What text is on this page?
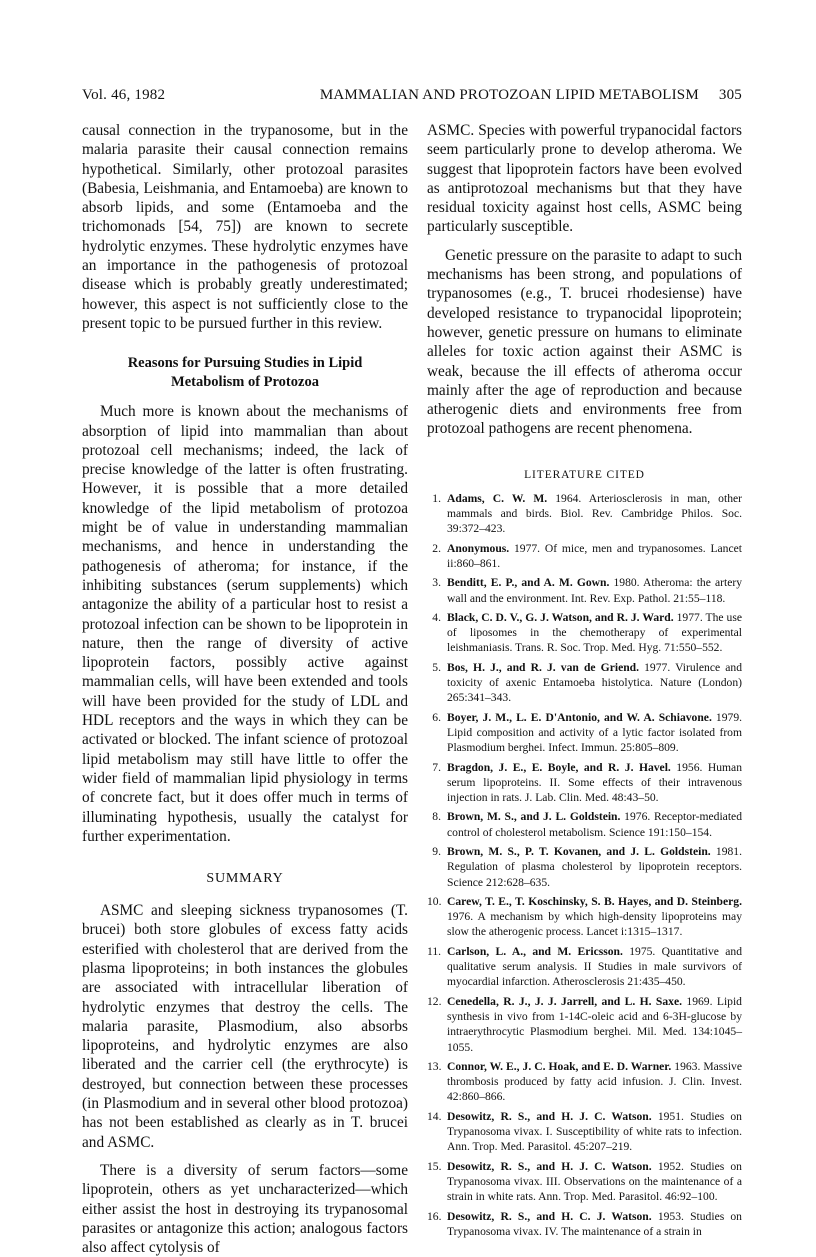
Vol. 46, 1982	MAMMALIAN AND PROTOZOAN LIPID METABOLISM 305

causal connection in the trypanosome, but in the malaria parasite their causal connection remains hypothetical. Similarly, other protozoal parasites (Babesia, Leishmania, and Entamoeba) are known to absorb lipids, and some (Entamoeba and the trichomonads [54, 75]) are known to secrete hydrolytic enzymes. These hydrolytic enzymes have an importance in the pathogenesis of protozoal disease which is probably greatly underestimated; however, this aspect is not sufficiently close to the present topic to be pursued further in this review.

Reasons for Pursuing Studies in Lipid
Metabolism of Protozoa

Much more is known about the mechanisms of absorption of lipid into mammalian than about protozoal cell mechanisms; indeed, the lack of precise knowledge of the latter is often frustrating. However, it is possible that a more detailed knowledge of the lipid metabolism of protozoa might be of value in understanding mammalian mechanisms, and hence in understanding the pathogenesis of atheroma; for instance, if the inhibiting substances (serum supplements) which antagonize the ability of a particular host to resist a protozoal infection can be shown to be lipoprotein in nature, then the range of diversity of active lipoprotein factors, possibly active against mammalian cells, will have been extended and tools will have been provided for the study of LDL and HDL receptors and the ways in which they can be activated or blocked. The infant science of protozoal lipid metabolism may still have little to offer the wider field of mammalian lipid physiology in terms of concrete fact, but it does offer much in terms of illuminating hypothesis, usually the catalyst for further experimentation.

SUMMARY

ASMC and sleeping sickness trypanosomes (T. brucei) both store globules of excess fatty acids esterified with cholesterol that are derived from the plasma lipoproteins; in both instances the globules are associated with intracellular liberation of hydrolytic enzymes that destroy the cells. The malaria parasite, Plasmodium, also absorbs lipoproteins, and hydrolytic enzymes are also liberated and the carrier cell (the erythrocyte) is destroyed, but connection between these processes (in Plasmodium and in several other blood protozoa) has not been established as clearly as in T. brucei and ASMC.

There is a diversity of serum factors—some lipoprotein, others as yet uncharacterized—which either assist the host in destroying its trypanosomal parasites or antagonize this action; analogous factors also affect cytolysis of

ASMC. Species with powerful trypanocidal factors seem particularly prone to develop atheroma. We suggest that lipoprotein factors have been evolved as antiprotozoal mechanisms but that they have residual toxicity against host cells, ASMC being particularly susceptible.

Genetic pressure on the parasite to adapt to such mechanisms has been strong, and populations of trypanosomes (e.g., T. brucei rhodesiense) have developed resistance to trypanocidal lipoprotein; however, genetic pressure on humans to eliminate alleles for toxic action against their ASMC is weak, because the ill effects of atheroma occur mainly after the age of reproduction and because atherogenic diets and environments free from protozoal pathogens are recent phenomena.

LITERATURE CITED
1. Adams, C. W. M. 1964. Arteriosclerosis in man, other mammals and birds. Biol. Rev. Cambridge Philos. Soc. 39:372–423.
2. Anonymous. 1977. Of mice, men and trypanosomes. Lancet ii:860–861.
3. Benditt, E. P., and A. M. Gown. 1980. Atheroma: the artery wall and the environment. Int. Rev. Exp. Pathol. 21:55–118.
4. Black, C. D. V., G. J. Watson, and R. J. Ward. 1977. The use of liposomes in the chemotherapy of experimental leishmaniasis. Trans. R. Soc. Trop. Med. Hyg. 71:550–552.
5. Bos, H. J., and R. J. van de Griend. 1977. Virulence and toxicity of axenic Entamoeba histolytica. Nature (London) 265:341–343.
6. Boyer, J. M., L. E. D'Antonio, and W. A. Schiavone. 1979. Lipid composition and activity of a lytic factor isolated from Plasmodium berghei. Infect. Immun. 25:805–809.
7. Bragdon, J. E., E. Boyle, and R. J. Havel. 1956. Human serum lipoproteins. II. Some effects of their intravenous injection in rats. J. Lab. Clin. Med. 48:43–50.
8. Brown, M. S., and J. L. Goldstein. 1976. Receptor-mediated control of cholesterol metabolism. Science 191:150–154.
9. Brown, M. S., P. T. Kovanen, and J. L. Goldstein. 1981. Regulation of plasma cholesterol by lipoprotein receptors. Science 212:628–635.
10. Carew, T. E., T. Koschinsky, S. B. Hayes, and D. Steinberg. 1976. A mechanism by which high-density lipoproteins may slow the atherogenic process. Lancet i:1315–1317.
11. Carlson, L. A., and M. Ericsson. 1975. Quantitative and qualitative serum analysis. II Studies in male survivors of myocardial infarction. Atherosclerosis 21:435–450.
12. Cenedella, R. J., J. J. Jarrell, and L. H. Saxe. 1969. Lipid synthesis in vivo from 1-14C-oleic acid and 6-3H-glucose by intraerythrocytic Plasmodium berghei. Mil. Med. 134:1045–1055.
13. Connor, W. E., J. C. Hoak, and E. D. Warner. 1963. Massive thrombosis produced by fatty acid infusion. J. Clin. Invest. 42:860–866.
14. Desowitz, R. S., and H. J. C. Watson. 1951. Studies on Trypanosoma vivax. I. Susceptibility of white rats to infection. Ann. Trop. Med. Parasitol. 45:207–219.
15. Desowitz, R. S., and H. J. C. Watson. 1952. Studies on Trypanosoma vivax. III. Observations on the maintenance of a strain in white rats. Ann. Trop. Med. Parasitol. 46:92–100.
16. Desowitz, R. S., and H. C. J. Watson. 1953. Studies on Trypanosoma vivax. IV. The maintenance of a strain in
